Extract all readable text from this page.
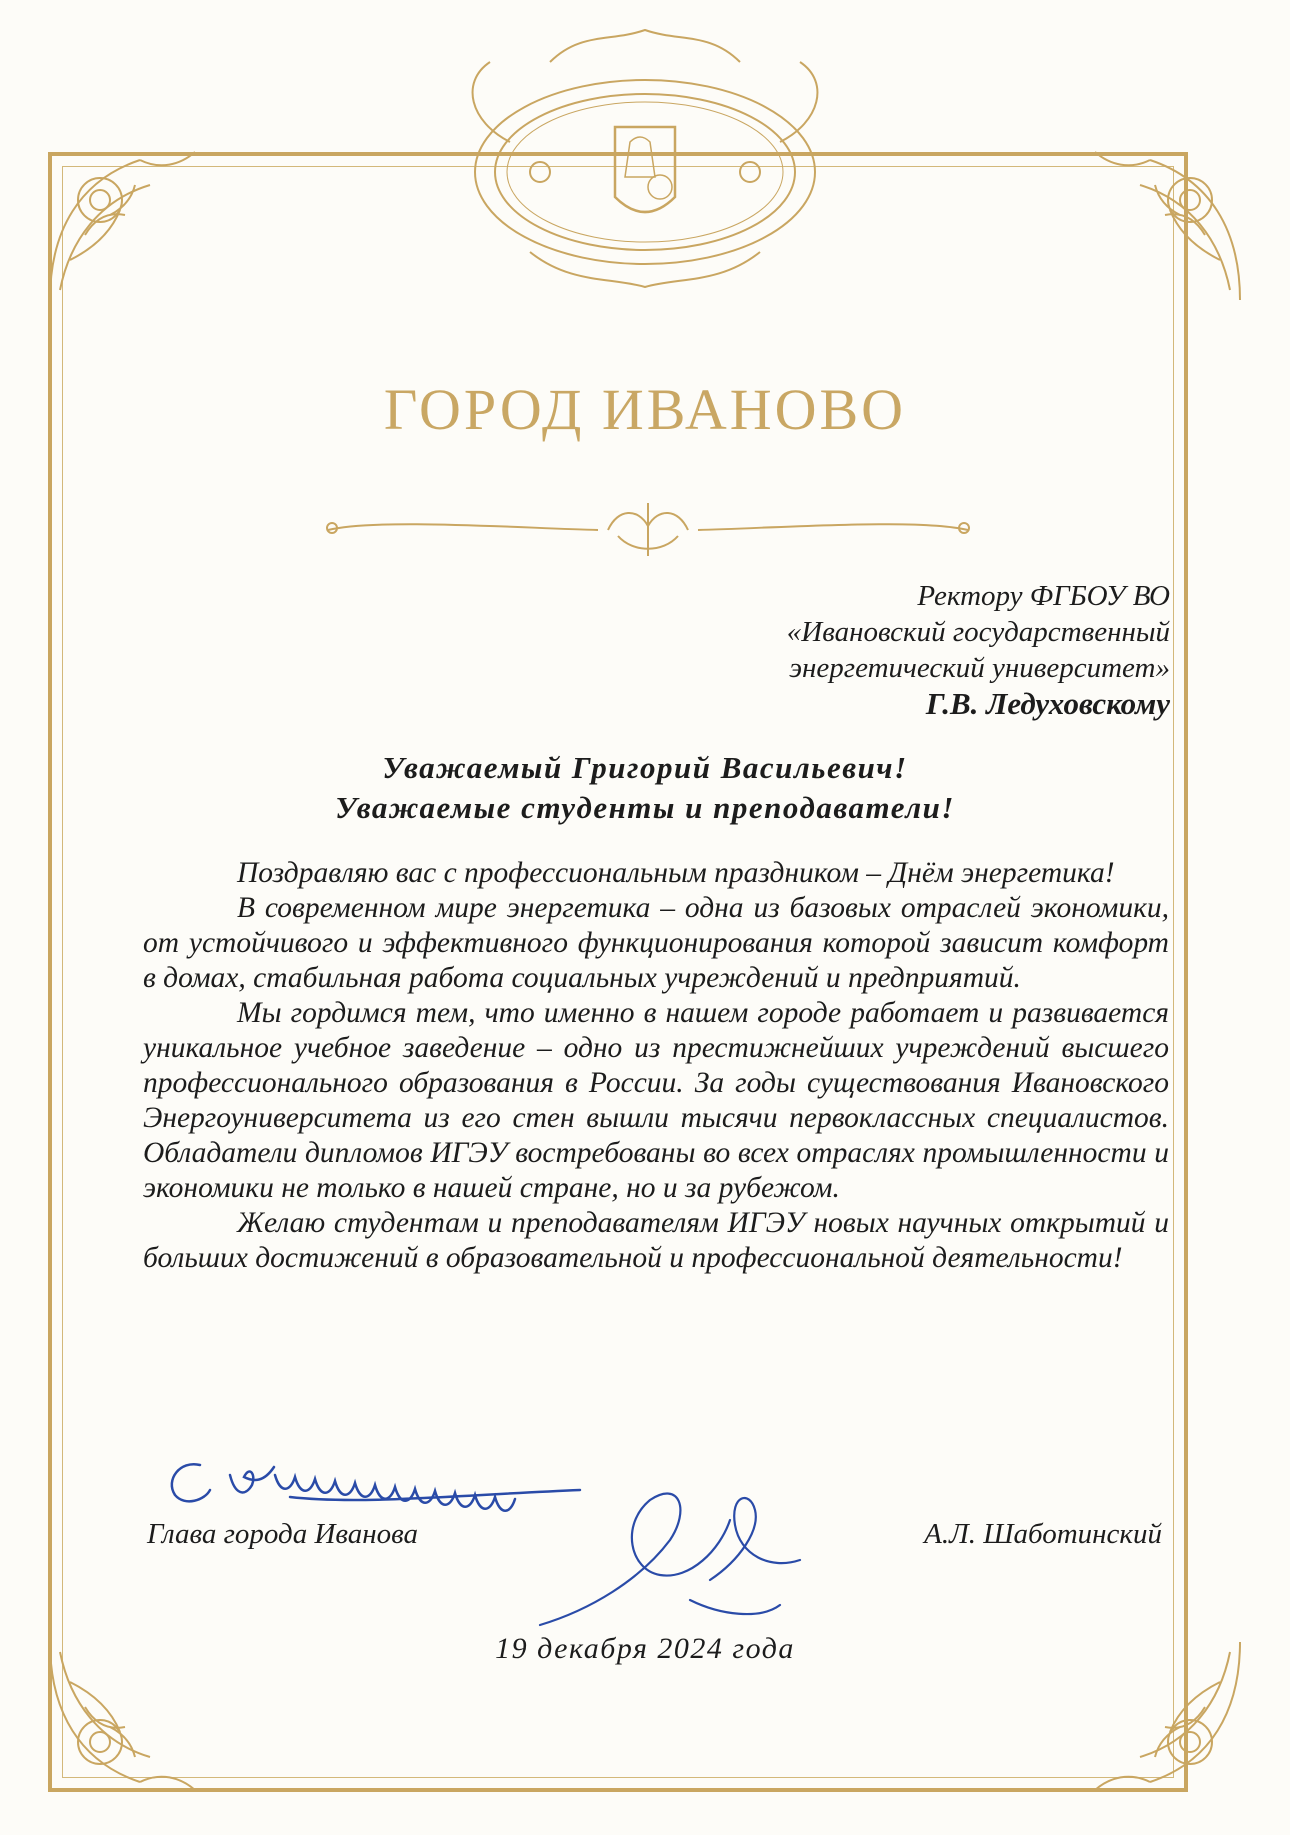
ГОРОД ИВАНОВО
Ректору ФГБОУ ВО
«Ивановский государственный
энергетический университет»
Г.В. Ледуховскому
Уважаемый Григорий Васильевич!
Уважаемые студенты и преподаватели!

Поздравляю вас с профессиональным праздником – Днём энергетика!

В современном мире энергетика – одна из базовых отраслей экономики, от устойчивого и эффективного функционирования которой зависит комфорт в домах, стабильная работа социальных учреждений и предприятий.

Мы гордимся тем, что именно в нашем городе работает и развивается уникальное учебное заведение – одно из престижнейших учреждений высшего профессионального образования в России. За годы существования Ивановского Энергоуниверситета из его стен вышли тысячи первоклассных специалистов. Обладатели дипломов ИГЭУ востребованы во всех отраслях промышленности и экономики не только в нашей стране, но и за рубежом.

Желаю студентам и преподавателям ИГЭУ новых научных открытий и больших достижений в образовательной и профессиональной деятельности!

Глава города Иванова	А.Л. Шаботинский
19 декабря 2024 года
